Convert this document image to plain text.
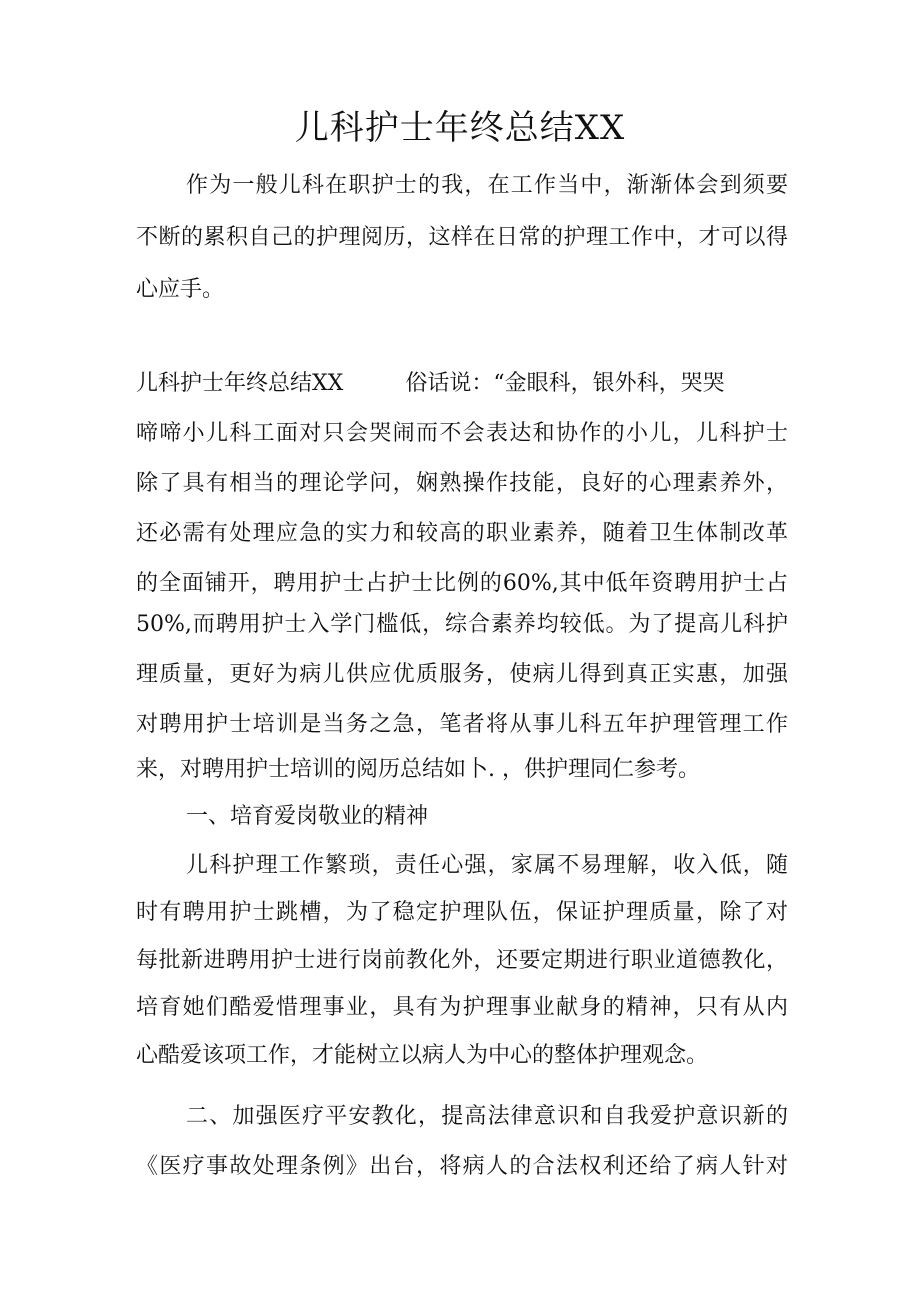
儿科护士年终总结XX
作为一般儿科在职护士的我，在工作当中，渐渐体会到须要
不断的累积自己的护理阅历，这样在日常的护理工作中，才可以得
心应手。
儿科护士年终总结XX	俗话说：“金眼科，银外科，哭哭
啼啼小儿科工面对只会哭闹而不会表达和协作的小儿，儿科护士
除了具有相当的理论学问，娴熟操作技能，良好的心理素养外，
还必需有处理应急的实力和较高的职业素养，随着卫生体制改革
的全面铺开，聘用护士占护士比例的60%,其中低年资聘用护士占
50%,而聘用护士入学门槛低，综合素养均较低。为了提高儿科护
理质量，更好为病儿供应优质服务，使病儿得到真正实惠，加强
对聘用护士培训是当务之急，笔者将从事儿科五年护理管理工作
来，对聘用护士培训的阅历总结如卜. ，供护理同仁参考。
一、培育爱岗敬业的精神
儿科护理工作繁琐，责任心强，家属不易理解，收入低，随
时有聘用护士跳槽，为了稳定护理队伍，保证护理质量，除了对
每批新进聘用护士进行岗前教化外，还要定期进行职业道德教化，
培育她们酷爱惜理事业，具有为护理事业献身的精神，只有从内
心酷爱该项工作，才能树立以病人为中心的整体护理观念。
二、加强医疗平安教化，提高法律意识和自我爱护意识新的
《医疗事故处理条例》出台，将病人的合法权利还给了病人针对
